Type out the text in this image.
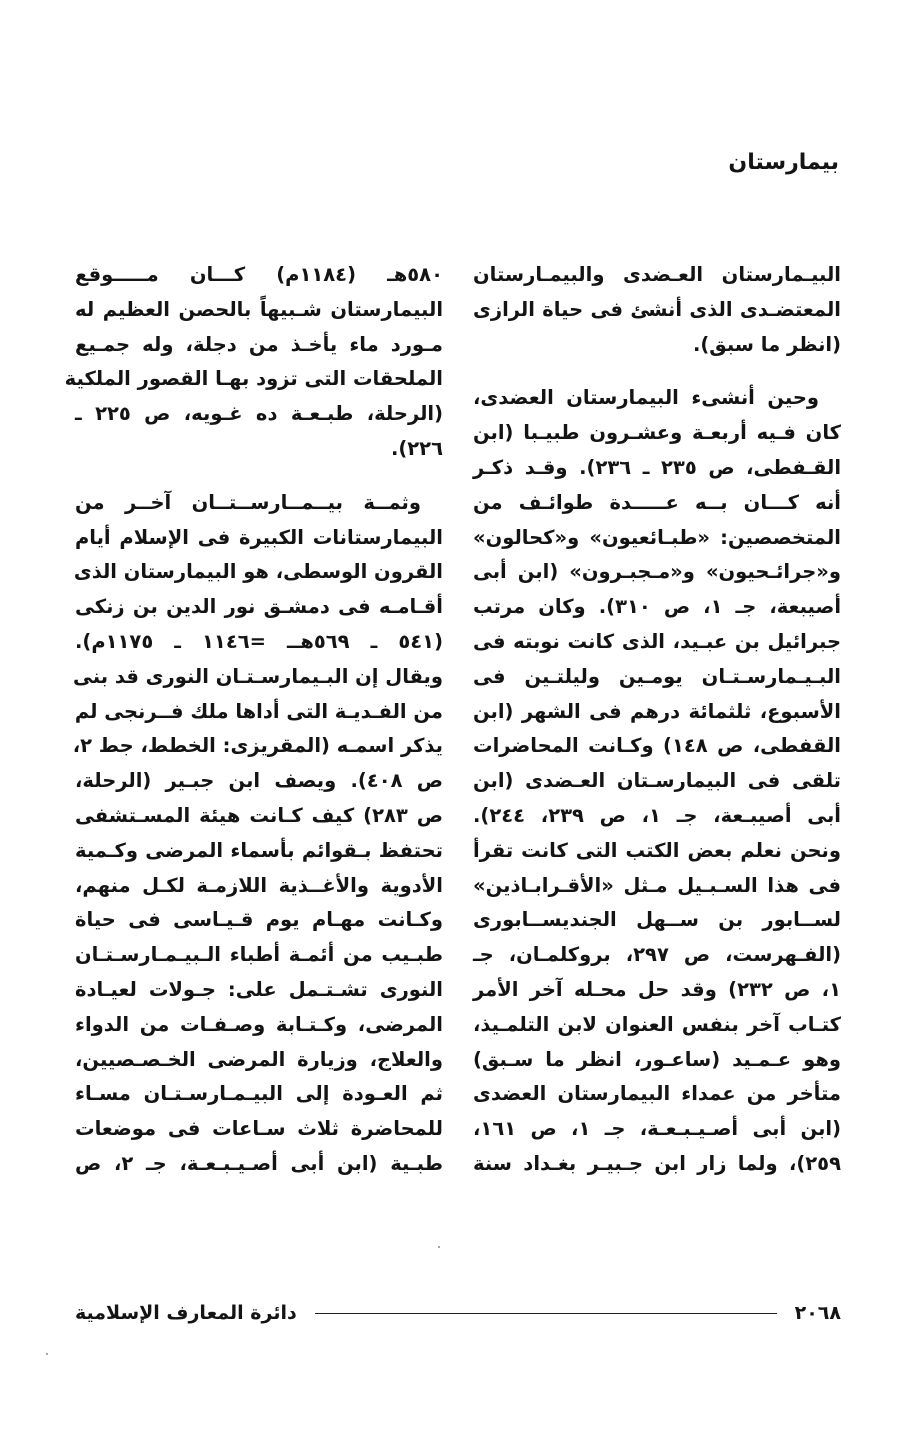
بيمارستان

البيـمارستان العـضدى والبيمـارستان

المعتضـدى الذى أنشئ فى حياة الرازى

(انظر ما سبق).

وحين أنشىء البيمارستان العضدى،

كان فـيه أربعـة وعشـرون طبيـبا (ابن

القـفطى، ص ٢٣٥ ـ ٢٣٦). وقـد ذكـر

أنه كـــان بــه عـــــدة طوائـف من

المتخصصين: «طبـائعيون» و«كحالون»

و«جرائـحيون» و«مـجبـرون» (ابن أبى

أصيبعة، جـ ١، ص ٣١٠). وكان مرتب

جبرائيل بن عبـيد، الذى كانت نوبته فى

البـيـمارسـتـان يومـين وليلتـين فى

الأسبوع، ثلثمائة درهم فى الشهر (ابن

القفطى، ص ١٤٨) وكـانت المحاضرات

تلقى فى البيمارسـتان العـضدى (ابن

أبى أصيبـعة، جـ ١، ص ٢٣٩، ٢٤٤).

ونحن نعلم بعض الكتب التى كانت تقرأ

فى هذا السـبـيل مـثل «الأقـرابـاذين»

لســابور بن ســهل الجنديســابورى

(الفـهرست، ص ٢٩٧، بروكلمـان، جـ

١، ص ٢٣٢) وقد حل محـله آخر الأمر

كتـاب آخر بنفس العنوان لابن التلمـيذ،

وهو عـمـيد (ساعـور، انظر ما سـبق)

متأخر من عمداء البيمارستان العضدى

(ابن أبى أصـيـبـعـة، جـ ١، ص ١٦١،

٢٥٩)، ولما زار ابن جـبيـر بغـداد سنة

٥٨٠هـ (١١٨٤م) كـــان مـــــوقع

البيمارستان شـبيهاً بالحصن العظيم له

مـورد ماء يأخـذ من دجلة، وله جمـيع

الملحقات التى تزود بهـا القصور الملكية

(الرحلة، طبـعـة ده غـويه، ص ٢٢٥ ـ

٢٢٦).

وثمــة بيــمــارســتــان آخــر من

البيمارستانات الكبيرة فى الإسلام أيام

القرون الوسطى، هو البيمارستان الذى

أقـامـه فى دمشـق نور الدين بن زنكى

(٥٤١ ـ ٥٦٩هــ =١١٤٦ ـ ١١٧٥م).

ويقال إن البـيمارسـتـان النورى قد بنى

من الفـديـة التى أداها ملك فــرنجى لم

يذكر اسمـه (المقريزى: الخطط، جط ٢،

ص ٤٠٨). ويصف ابن جبـير (الرحلة،

ص ٢٨٣) كيف كـانت هيئة المسـتشفى

تحتفظ بـقوائم بأسماء المرضى وكـمية

الأدوية والأغــذية اللازمـة لكـل منهم،

وكـانت مهـام يوم قـيـاسى فى حياة

طبـيب من أئمـة أطباء الـبيـمـارسـتـان

النورى تشـتـمل على: جـولات لعيـادة

المرضى، وكـتـابة وصـفـات من الدواء

والعلاج، وزيارة المرضى الخـصـصيين،

ثم العـودة إلى البيـمـارسـتـان مسـاء

للمحاضرة ثلاث سـاعات فى موضعات

طبـية (ابن أبى أصـيـبـعـة، جـ ٢، ص

٢٠٦٨
دائرة المعارف الإسلامية
